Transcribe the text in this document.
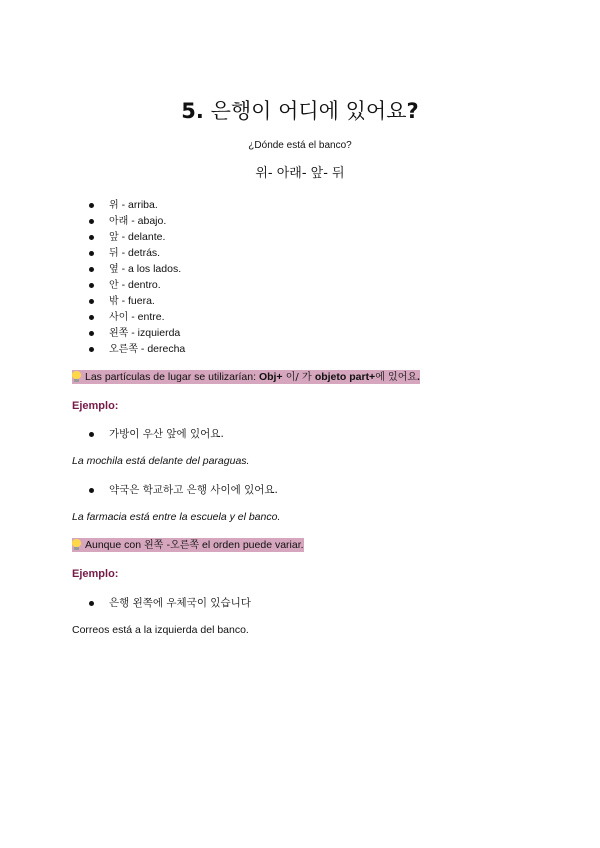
5. 은행이 어디에 있어요?
¿Dónde está el banco?
위- 아래- 앞- 뒤
위 - arriba.
아래 - abajo.
앞 - delante.
뒤 - detrás.
옆 - a los lados.
안 - dentro.
밖 - fuera.
사이 - entre.
왼쪽 - izquierda
오른쪽 - derecha
Las partículas de lugar se utilizarían: Obj+ 이/ 가 objeto part+에 있어요.
Ejemplo:
가방이 우산 앞에 있어요.
La mochila está delante del paraguas.
약국은 학교하고 은행 사이에 있어요.
La farmacia está entre la escuela y el banco.
Aunque con 왼쪽 -오른쪽 el orden puede variar.
Ejemplo:
은행 왼쪽에 우체국이 있습니다
Correos está a la izquierda del banco.
